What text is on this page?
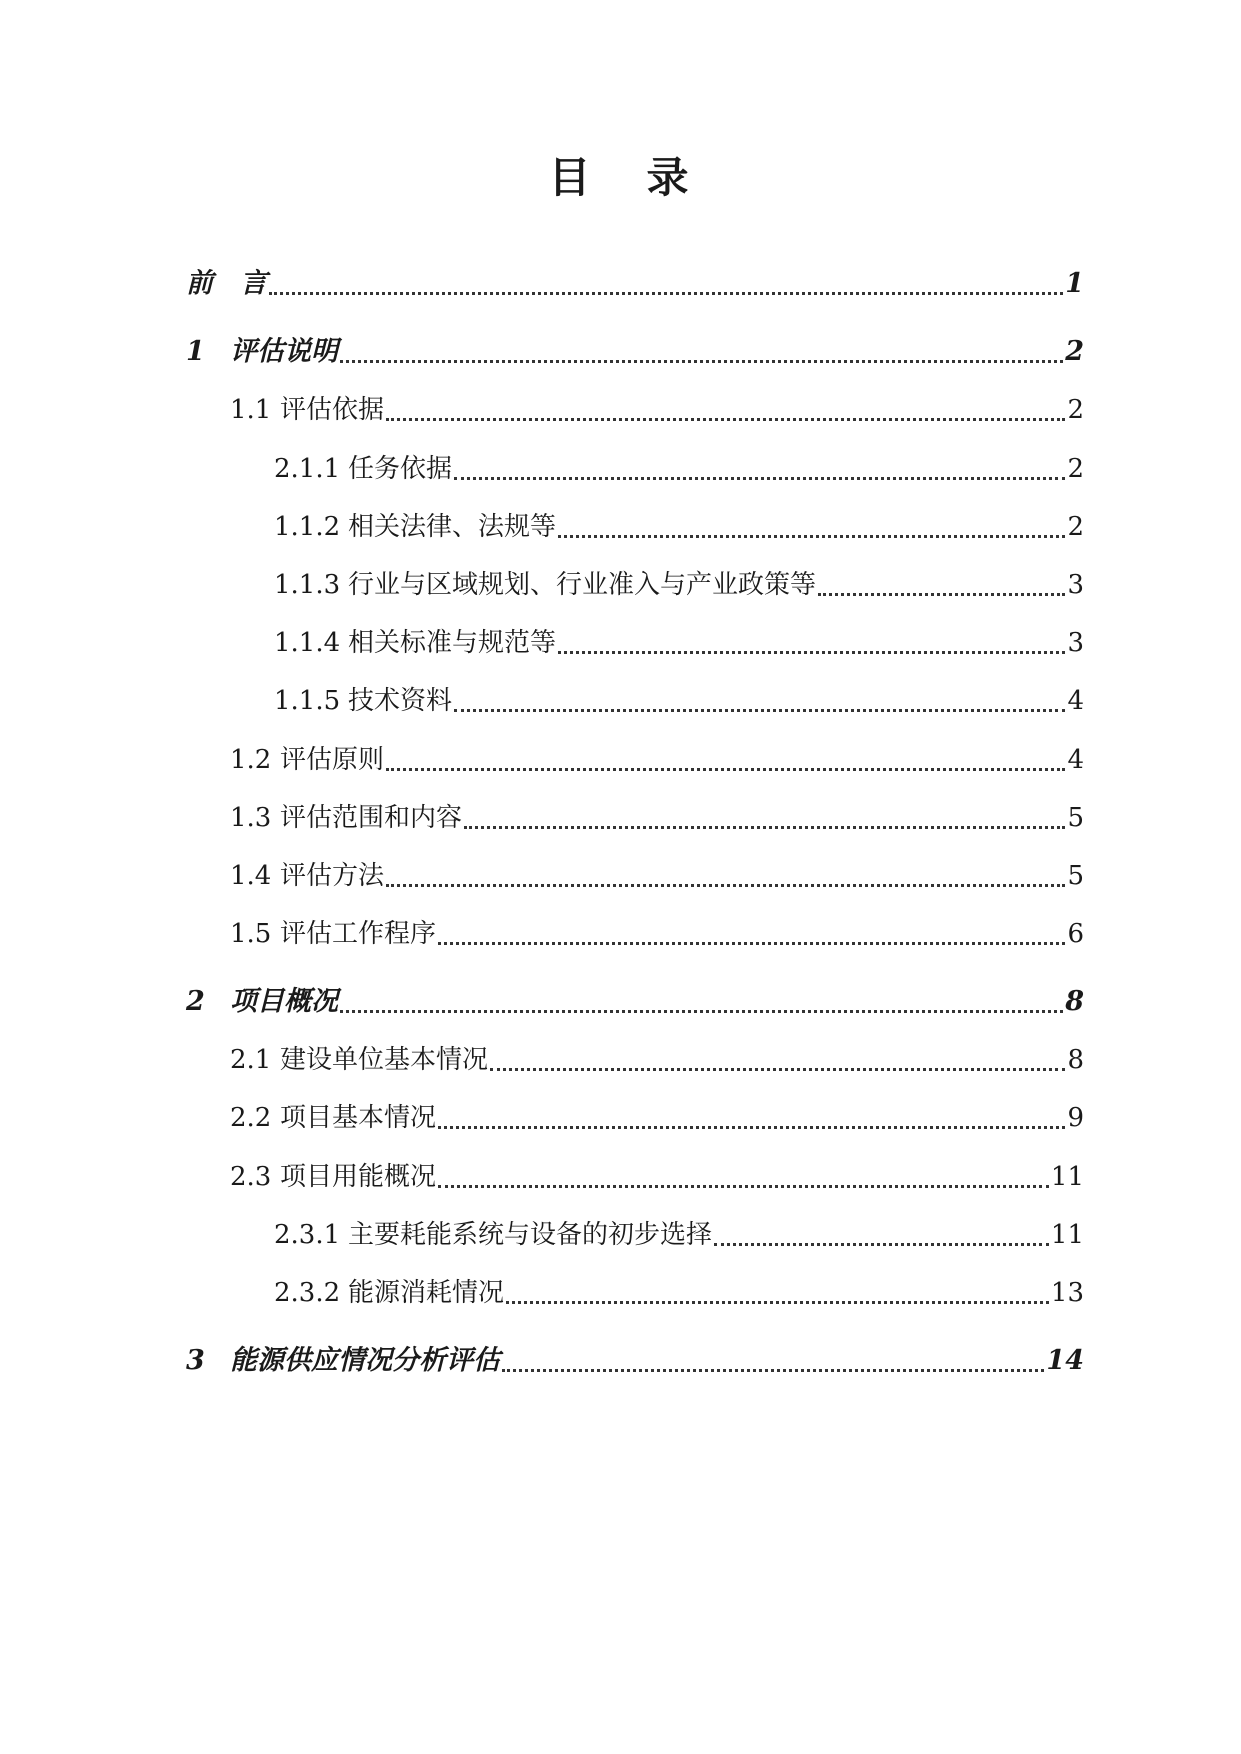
目 录
前　言	1
1 评估说明	2
1.1 评估依据	2
2.1.1 任务依据	2
1.1.2 相关法律、法规等	2
1.1.3 行业与区域规划、行业准入与产业政策等	3
1.1.4 相关标准与规范等	3
1.1.5 技术资料	4
1.2 评估原则	4
1.3 评估范围和内容	5
1.4 评估方法	5
1.5 评估工作程序	6
2 项目概况	8
2.1 建设单位基本情况	8
2.2 项目基本情况	9
2.3 项目用能概况	11
2.3.1 主要耗能系统与设备的初步选择	11
2.3.2 能源消耗情况	13
3 能源供应情况分析评估	14
